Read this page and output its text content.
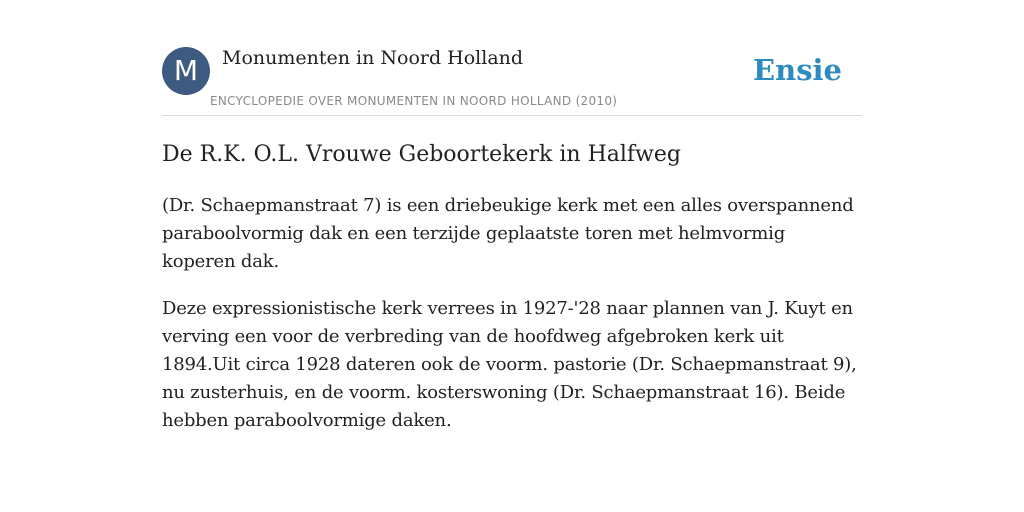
M	Monumenten in Noord Holland
ENCYCLOPEDIE OVER MONUMENTEN IN NOORD HOLLAND (2010)
Ensie
De R.K. O.L. Vrouwe Geboortekerk in Halfweg

(Dr. Schaepmanstraat 7) is een driebeukige kerk met een alles overspannend paraboolvormig dak en een terzijde geplaatste toren met helmvormig koperen dak.

Deze expressionistische kerk verrees in 1927-'28 naar plannen van J. Kuyt en verving een voor de verbreding van de hoofdweg afgebroken kerk uit 1894.Uit circa 1928 dateren ook de voorm. pastorie (Dr. Schaepmanstraat 9), nu zusterhuis, en de voorm. kosterswoning (Dr. Schaepmanstraat 16). Beide hebben paraboolvormige daken.
